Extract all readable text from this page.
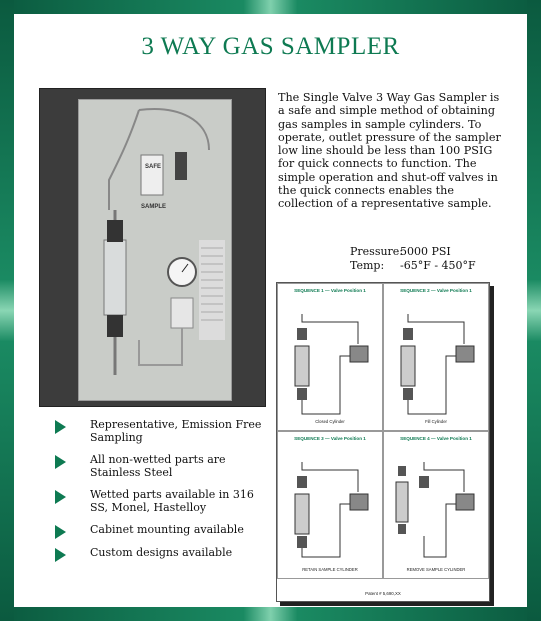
3 WAY GAS SAMPLER
SAFE
SAMPLE
The Single Valve 3 Way Gas Sampler is a safe and simple method of obtaining gas samples in sample cylinders. To operate, outlet pressure of the sampler low line should be less than 100 PSIG for quick connects to function. The simple operation and shut-off valves in the quick connects enables the collection of a representative sample.
Pressure:5000 PSI
Temp: -65°F - 450°F
Representative, Emission Free Sampling
All non-wetted parts are Stainless Steel
Wetted parts available in 316 SS, Monel, Hastelloy
Cabinet mounting available
Custom designs available
SEQUENCE 1 — Valve Position 1
Closed Cylinder
SEQUENCE 2 — Valve Position 1
Fill Cylinder
SEQUENCE 3 — Valve Position 1
RETAIN SAMPLE CYLINDER
SEQUENCE 4 — Valve Position 1
REMOVE SAMPLE CYLINDER
Patent # 5,690,XX
